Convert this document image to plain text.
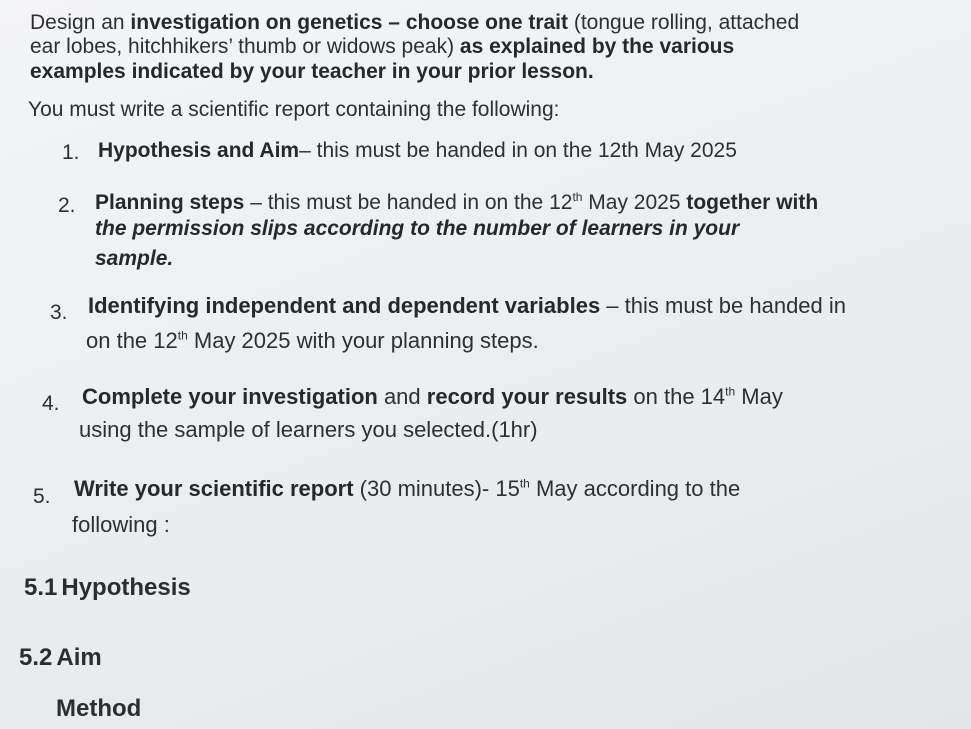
Design an investigation on genetics – choose one trait (tongue rolling, attached
ear lobes, hitchhikers’ thumb or widows peak) as explained by the various
examples indicated by your teacher in your prior lesson.
You must write a scientific report containing the following:
1. Hypothesis and Aim– this must be handed in on the 12th May 2025
2. Planning steps – this must be handed in on the 12th May 2025 together with
the permission slips according to the number of learners in your
sample.
3. Identifying independent and dependent variables – this must be handed in
on the 12th May 2025 with your planning steps.
4. Complete your investigation and record your results on the 14th May
using the sample of learners you selected.(1hr)
5. Write your scientific report (30 minutes)- 15th May according to the
following :
5.1 Hypothesis
5.2 Aim
Method
